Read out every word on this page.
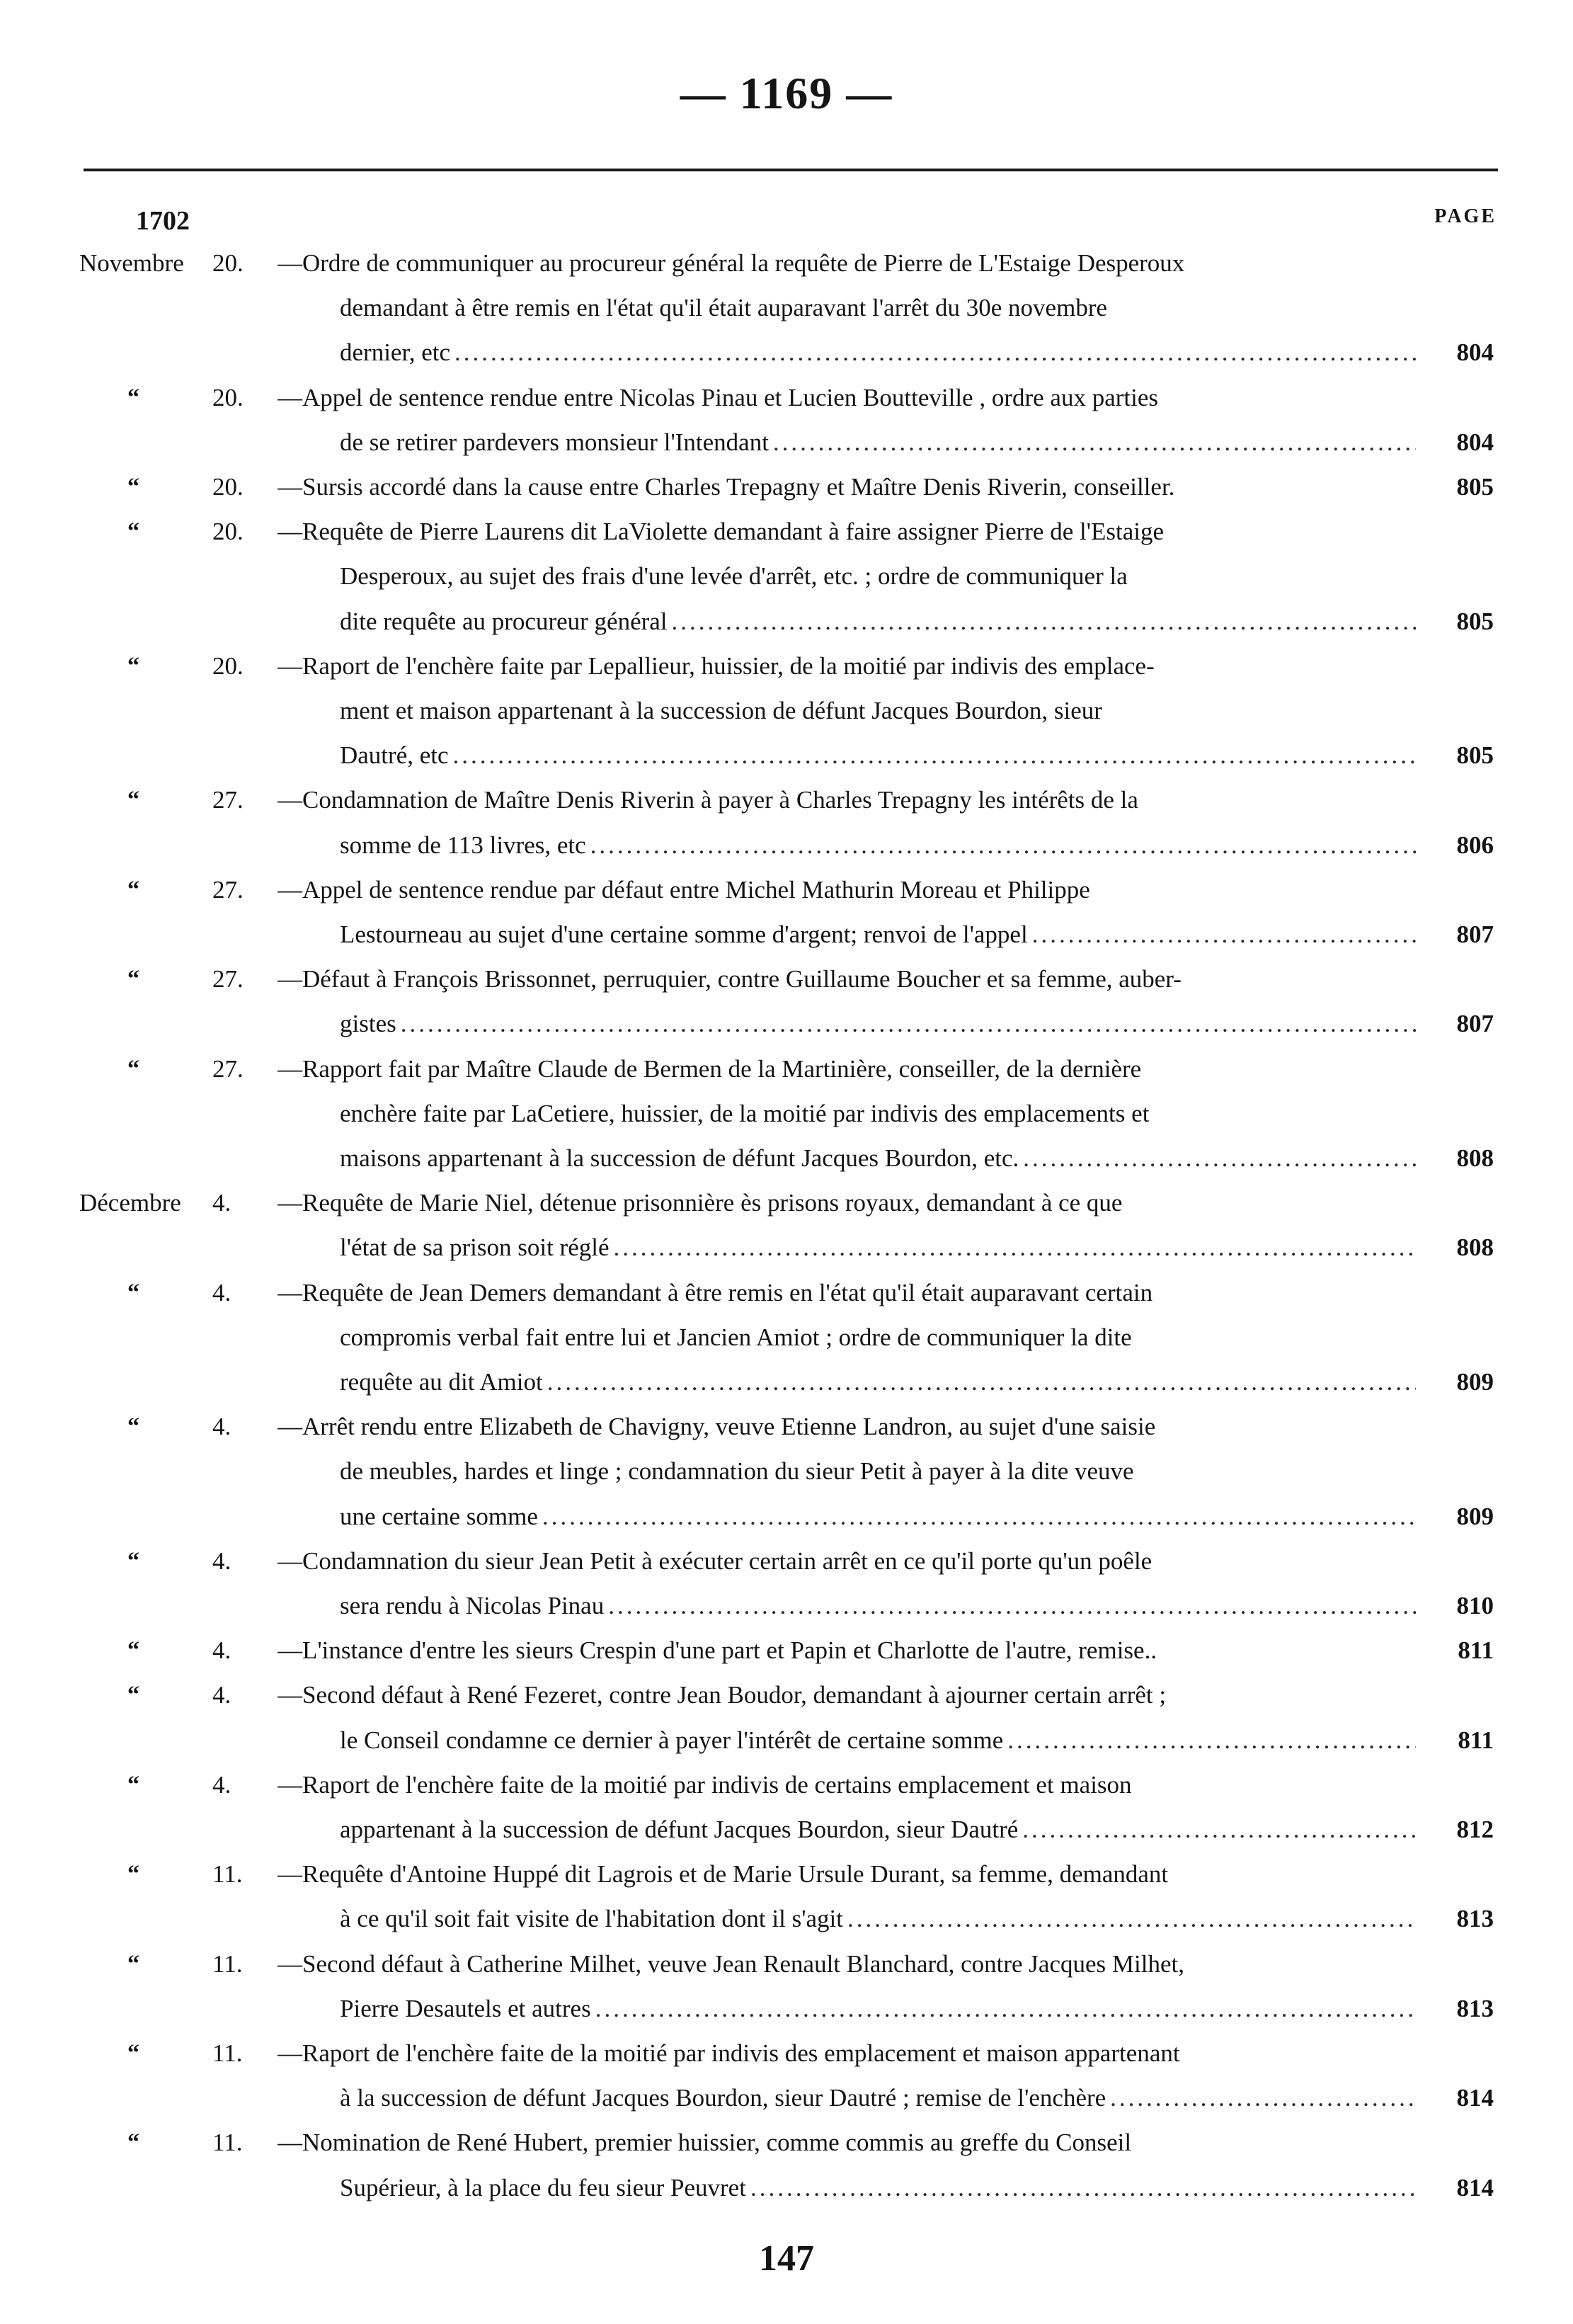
— 1169 —
1702	PAGE
Novembre 20. —Ordre de communiquer au procureur général la requête de Pierre de L'Estaige Desperoux
demandant à être remis en l'état qu'il était auparavant l'arrêt du 30e novembre
dernier, etc .....	804
“	20. —Appel de sentence rendue entre Nicolas Pinau et Lucien Boutteville , ordre aux parties
de se retirer pardevers monsieur l'Intendant .....	804
“	20. —Sursis accordé dans la cause entre Charles Trepagny et Maître Denis Riverin, conseiller.	805
“	20. —Requête de Pierre Laurens dit LaViolette demandant à faire assigner Pierre de l'Estaige
Desperoux, au sujet des frais d'une levée d'arrêt, etc. ; ordre de communiquer la
dite requête au procureur général .....	805
“	20. —Raport de l'enchère faite par Lepallieur, huissier, de la moitié par indivis des emplace-
ment et maison appartenant à la succession de défunt Jacques Bourdon, sieur
Dautré, etc .....	805
“	27. —Condamnation de Maître Denis Riverin à payer à Charles Trepagny les intérêts de la
somme de 113 livres, etc .....	806
“	27. —Appel de sentence rendue par défaut entre Michel Mathurin Moreau et Philippe
Lestourneau au sujet d'une certaine somme d'argent; renvoi de l'appel .....	807
“	27. —Défaut à François Brissonnet, perruquier, contre Guillaume Boucher et sa femme, auber-
gistes .....	807
“	27. —Rapport fait par Maître Claude de Bermen de la Martinière, conseiller, de la dernière
enchère faite par LaCetiere, huissier, de la moitié par indivis des emplacements et
maisons appartenant à la succession de défunt Jacques Bourdon, etc. .....	808
Décembre 4. —Requête de Marie Niel, détenue prisonnière ès prisons royaux, demandant à ce que
l'état de sa prison soit réglé .....	808
“	4. —Requête de Jean Demers demandant à être remis en l'état qu'il était auparavant certain
compromis verbal fait entre lui et Jancien Amiot ; ordre de communiquer la dite
requête au dit Amiot .....	809
“	4. —Arrêt rendu entre Elizabeth de Chavigny, veuve Etienne Landron, au sujet d'une saisie
de meubles, hardes et linge ; condamnation du sieur Petit à payer à la dite veuve
une certaine somme .....	809
“	4. —Condamnation du sieur Jean Petit à exécuter certain arrêt en ce qu'il porte qu'un poêle
sera rendu à Nicolas Pinau .....	810
“	4. —L'instance d'entre les sieurs Crespin d'une part et Papin et Charlotte de l'autre, remise..	811
“	4. —Second défaut à René Fezeret, contre Jean Boudor, demandant à ajourner certain arrêt ;
le Conseil condamne ce dernier à payer l'intérêt de certaine somme .....	811
“	4. —Raport de l'enchère faite de la moitié par indivis de certains emplacement et maison
appartenant à la succession de défunt Jacques Bourdon, sieur Dautré .....	812
“	11. —Requête d'Antoine Huppé dit Lagrois et de Marie Ursule Durant, sa femme, demandant
à ce qu'il soit fait visite de l'habitation dont il s'agit .....	813
“	11. —Second défaut à Catherine Milhet, veuve Jean Renault Blanchard, contre Jacques Milhet,
Pierre Desautels et autres .....	813
“	11. —Raport de l'enchère faite de la moitié par indivis des emplacement et maison appartenant
à la succession de défunt Jacques Bourdon, sieur Dautré ; remise de l'enchère .....	814
“	11. —Nomination de René Hubert, premier huissier, comme commis au greffe du Conseil
Supérieur, à la place du feu sieur Peuvret .....	814
147
